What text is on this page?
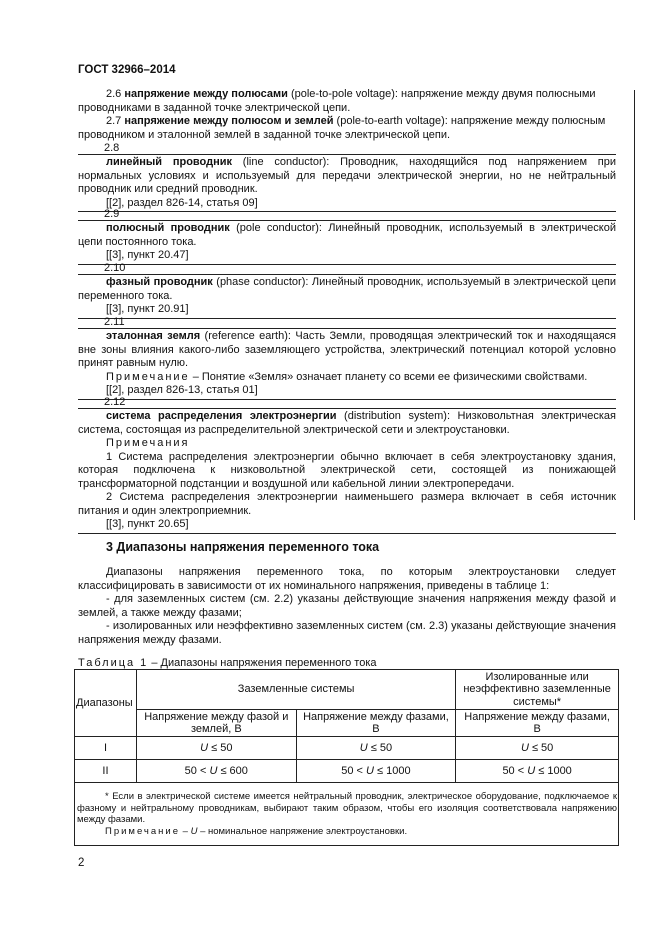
ГОСТ 32966–2014
2.6 напряжение между полюсами (pole-to-pole voltage): напряжение между двумя полюсными
проводниками в заданной точке электрической цепи.
2.7 напряжение между полюсом и землей (pole-to-earth voltage): напряжение между полюсным
проводником и эталонной землей в заданной точке электрической цепи.
2.8

линейный проводник (line conductor): Проводник, находящийся под напряжением при нормальных условиях и используемый для передачи электрической энергии, но не нейтральный проводник или средний проводник.

[[2], раздел 826-14, статья 09]

2.9

полюсный проводник (pole conductor): Линейный проводник, используемый в электрической цепи постоянного тока.

[[3], пункт 20.47]

2.10

фазный проводник (phase conductor): Линейный проводник, используемый в электрической цепи переменного тока.

[[3], пункт 20.91]

2.11

эталонная земля (reference earth): Часть Земли, проводящая электрический ток и находящаяся вне зоны влияния какого-либо заземляющего устройства, электрический потенциал которой условно принят равным нулю.

Примечание – Понятие «Земля» означает планету со всеми ее физическими свойствами.

[[2], раздел 826-13, статья 01]

2.12

система распределения электроэнергии (distribution system): Низковольтная электрическая система, состоящая из распределительной электрической сети и электроустановки.

Примечания

1 Система распределения электроэнергии обычно включает в себя электроустановку здания, которая подключена к низковольтной электрической сети, состоящей из понижающей трансформаторной подстанции и воздушной или кабельной линии электропередачи.

2 Система распределения электроэнергии наименьшего размера включает в себя источник питания и один электроприемник.

[[3], пункт 20.65]

3 Диапазоны напряжения переменного тока
Диапазоны напряжения переменного тока, по которым электроустановки следует классифицировать в зависимости от их номинального напряжения, приведены в таблице 1:
- для заземленных систем (см. 2.2) указаны действующие значения напряжения между фазой и землей, а также между фазами;
- изолированных или неэффективно заземленных систем (см. 2.3) указаны действующие значения напряжения между фазами.
Таблица 1 – Диапазоны напряжения переменного тока
Диапазоны	Заземленные системы		Изолированные или неэффективно заземленные системы*
	Напряжение между фазой и землей, В	Напряжение между фазами, В	Напряжение между фазами, В
I	U ≤ 50	U ≤ 50	U ≤ 50
II	50 < U ≤ 600	50 < U ≤ 1000	50 < U ≤ 1000

* Если в электрической системе имеется нейтральный проводник, электрическое оборудование, подключаемое к фазному и нейтральному проводникам, выбирают таким образом, чтобы его изоляция соответствовала напряжению между фазами.
Примечание – U – номинальное напряжение электроустановки.			
2
